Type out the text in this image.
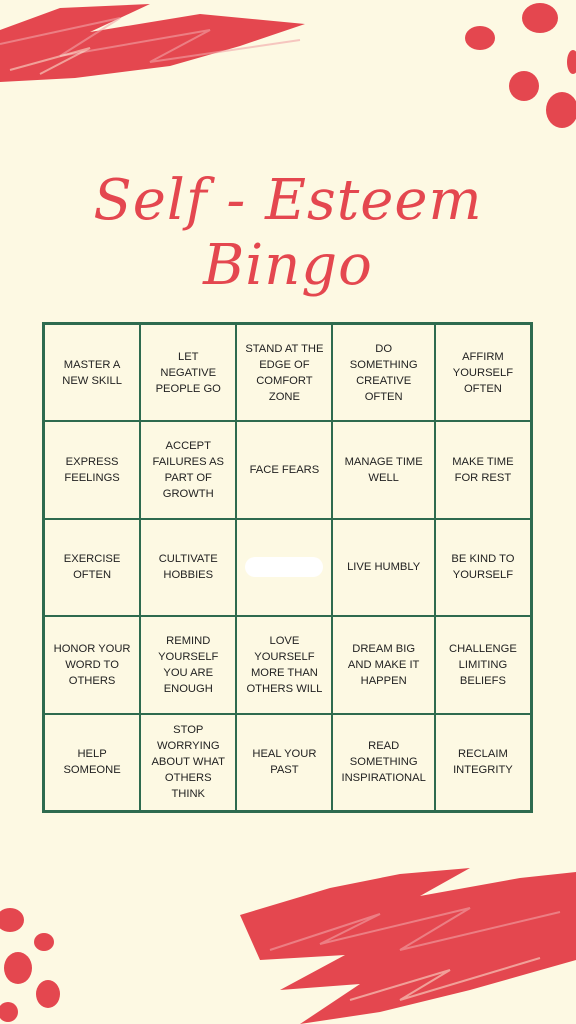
Self - Esteem Bingo
MASTER A NEW SKILL
LET NEGATIVE PEOPLE GO
STAND AT THE EDGE OF COMFORT ZONE
DO SOMETHING CREATIVE OFTEN
AFFIRM YOURSELF OFTEN
EXPRESS FEELINGS
ACCEPT FAILURES AS PART OF GROWTH
FACE FEARS
MANAGE TIME WELL
MAKE TIME FOR REST
EXERCISE OFTEN
CULTIVATE HOBBIES
LIVE HUMBLY
BE KIND TO YOURSELF
HONOR YOUR WORD TO OTHERS
REMIND YOURSELF YOU ARE ENOUGH
LOVE YOURSELF MORE THAN OTHERS WILL
DREAM BIG AND MAKE IT HAPPEN
CHALLENGE LIMITING BELIEFS
HELP SOMEONE
STOP WORRYING ABOUT WHAT OTHERS THINK
HEAL YOUR PAST
READ SOMETHING INSPIRATIONAL
RECLAIM INTEGRITY
